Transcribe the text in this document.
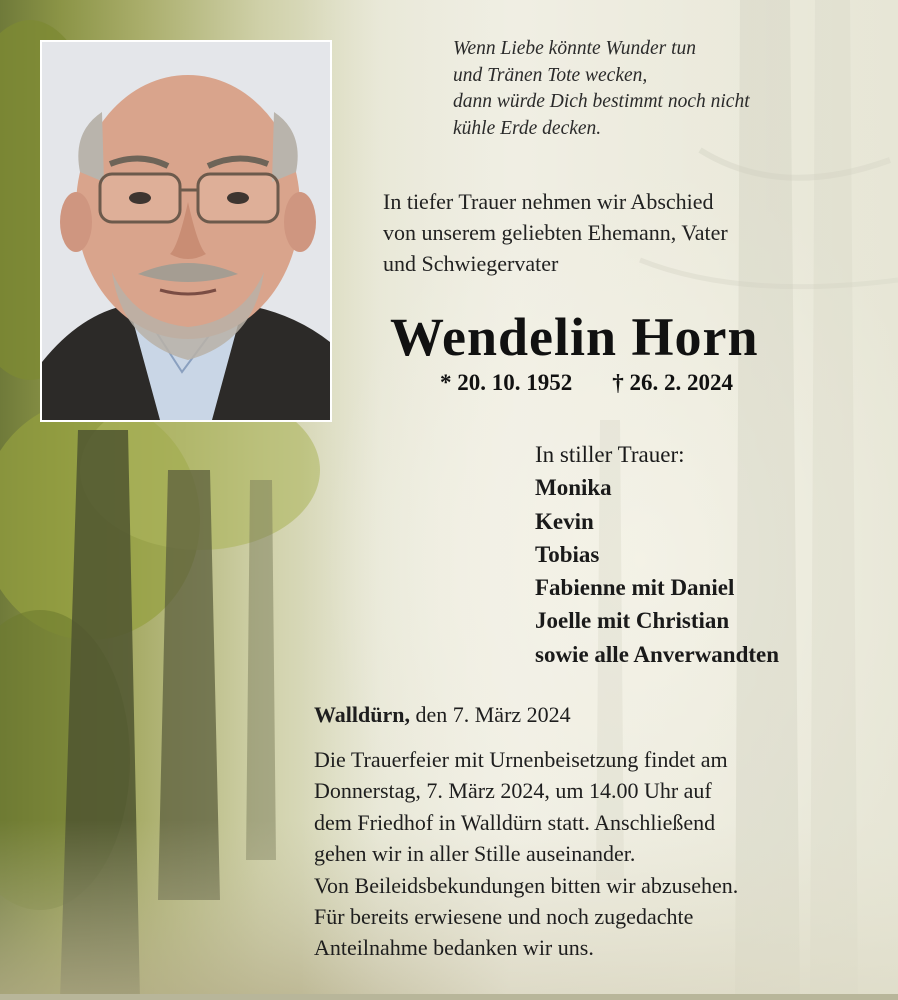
Wenn Liebe könnte Wunder tun
und Tränen Tote wecken,
dann würde Dich bestimmt noch nicht
kühle Erde decken.
In tiefer Trauer nehmen wir Abschied
von unserem geliebten Ehemann, Vater
und Schwiegervater
Wendelin Horn
* 20. 10. 1952 † 26. 2. 2024
In stiller Trauer:
Monika
Kevin
Tobias
Fabienne mit Daniel
Joelle mit Christian
sowie alle Anverwandten
Walldürn, den 7. März 2024
Die Trauerfeier mit Urnenbeisetzung findet am
Donnerstag, 7. März 2024, um 14.00 Uhr auf
dem Friedhof in Walldürn statt. Anschließend
gehen wir in aller Stille auseinander.
Von Beileidsbekundungen bitten wir abzusehen.
Für bereits erwiesene und noch zugedachte
Anteilnahme bedanken wir uns.
